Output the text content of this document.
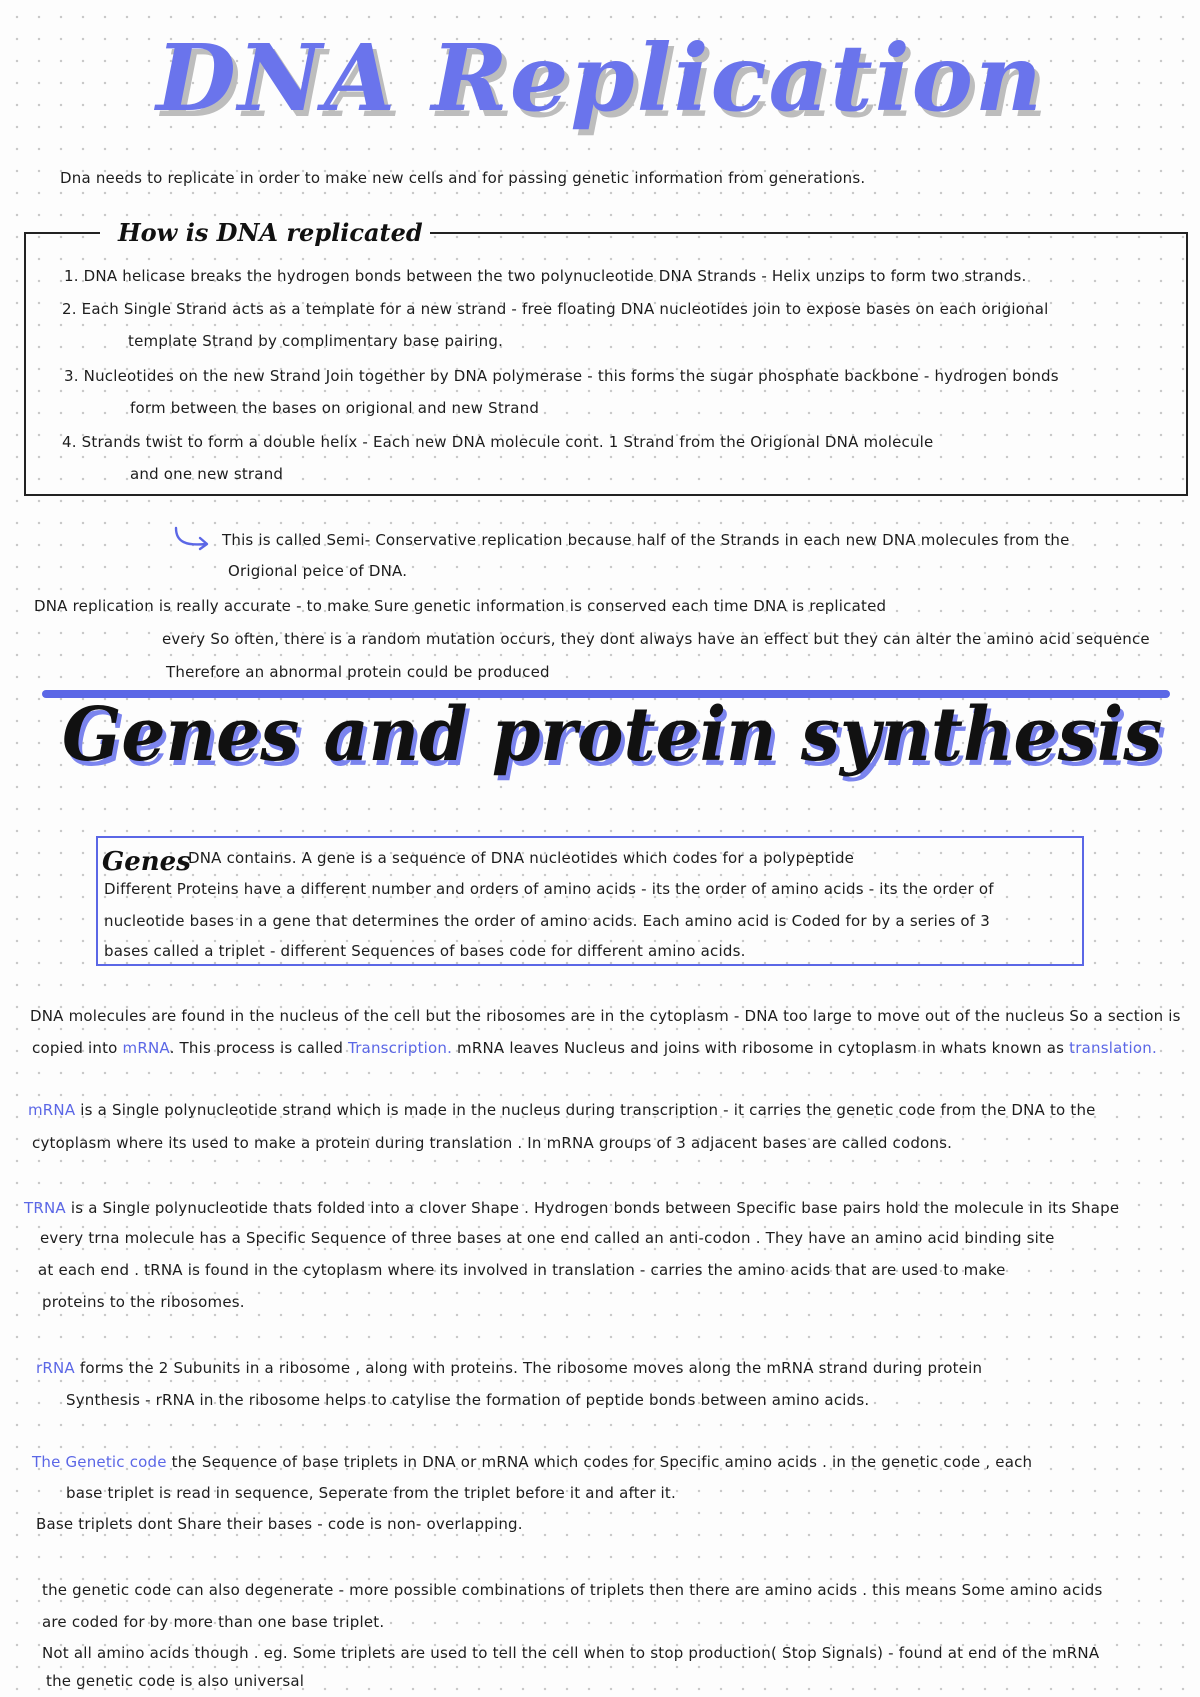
DNA Replication
Dna needs to replicate in order to make new cells and for passing genetic information from generations.
How is DNA replicated
1. DNA helicase breaks the hydrogen bonds between the two polynucleotide DNA Strands - Helix unzips to form two strands.
2. Each Single Strand acts as a template for a new strand - free floating DNA nucleotides join to expose bases on each origional
template Strand by complimentary base pairing.
3. Nucleotides on the new Strand Join together by DNA polymerase - this forms the sugar phosphate backbone - hydrogen bonds
form between the bases on origional and new Strand
4. Strands twist to form a double helix - Each new DNA molecule cont. 1 Strand from the Origional DNA molecule
and one new strand
This is called Semi- Conservative replication because half of the Strands in each new DNA molecules from the
Origional peice of DNA.
DNA replication is really accurate - to make Sure genetic information is conserved each time DNA is replicated
every So often, there is a random mutation occurs, they dont always have an effect but they can alter the amino acid sequence
Therefore an abnormal protein could be produced
Genes and protein synthesis
Genes
DNA contains. A gene is a sequence of DNA nucleotides which codes for a polypeptide
Different Proteins have a different number and orders of amino acids - its the order of amino acids - its the order of
nucleotide bases in a gene that determines the order of amino acids. Each amino acid is Coded for by a series of 3
bases called a triplet - different Sequences of bases code for different amino acids.
DNA molecules are found in the nucleus of the cell but the ribosomes are in the cytoplasm - DNA too large to move out of the nucleus So a section is
copied into mRNA. This process is called Transcription. mRNA leaves Nucleus and joins with ribosome in cytoplasm in whats known as translation.
mRNA is a Single polynucleotide strand which is made in the nucleus during transcription - it carries the genetic code from the DNA to the
cytoplasm where its used to make a protein during translation . In mRNA groups of 3 adjacent bases are called codons.
TRNA is a Single polynucleotide thats folded into a clover Shape . Hydrogen bonds between Specific base pairs hold the molecule in its Shape
every trna molecule has a Specific Sequence of three bases at one end called an anti-codon . They have an amino acid binding site
at each end . tRNA is found in the cytoplasm where its involved in translation - carries the amino acids that are used to make
proteins to the ribosomes.
rRNA forms the 2 Subunits in a ribosome , along with proteins. The ribosome moves along the mRNA strand during protein
Synthesis - rRNA in the ribosome helps to catylise the formation of peptide bonds between amino acids.
The Genetic code the Sequence of base triplets in DNA or mRNA which codes for Specific amino acids . in the genetic code , each
base triplet is read in sequence, Seperate from the triplet before it and after it.
Base triplets dont Share their bases - code is non- overlapping.
the genetic code can also degenerate - more possible combinations of triplets then there are amino acids . this means Some amino acids
are coded for by more than one base triplet.
Not all amino acids though . eg. Some triplets are used to tell the cell when to stop production( Stop Signals) - found at end of the mRNA
the genetic code is also universal
